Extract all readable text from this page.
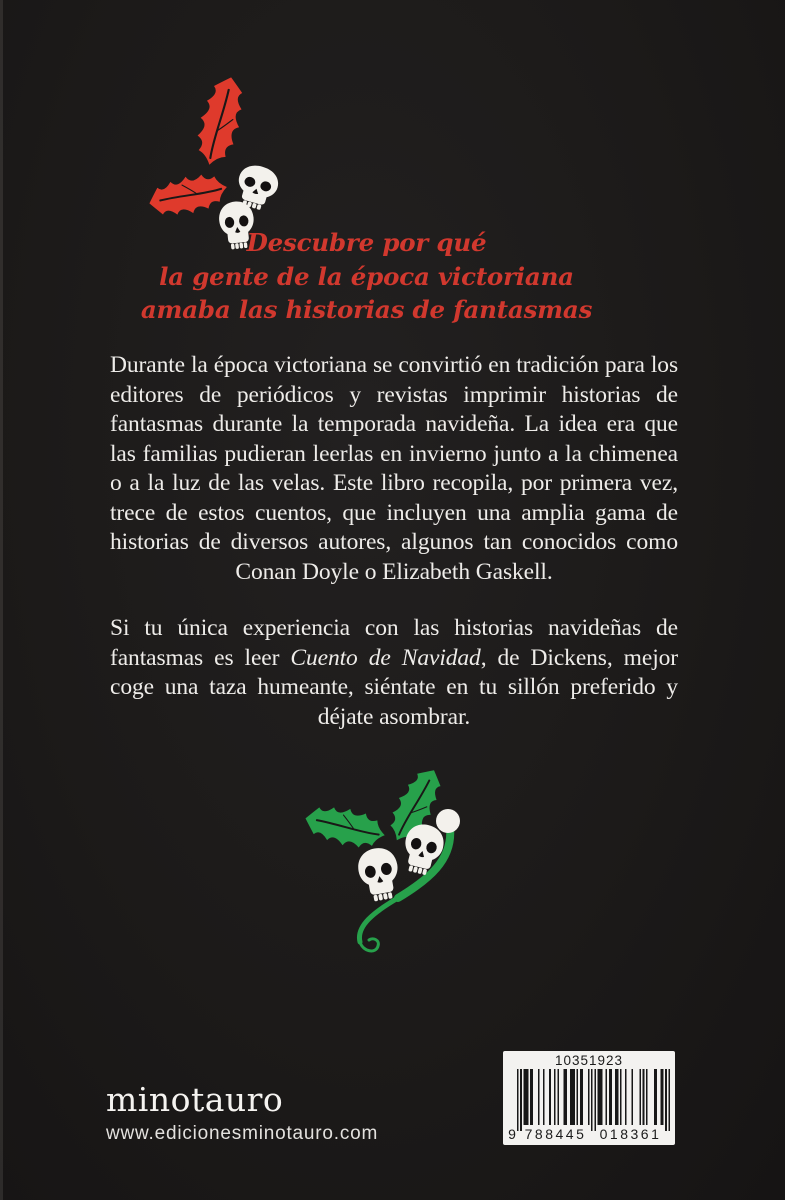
Descubre por qué
la gente de la época victoriana
amaba las historias de fantasmas

Durante la época victoriana se convirtió en tradición para los editores de periódicos y revistas imprimir historias de fantasmas durante la temporada navideña. La idea era que las familias pudieran leerlas en invierno junto a la chimenea o a la luz de las velas. Este libro recopila, por primera vez, trece de estos cuentos, que incluyen una amplia gama de historias de diversos autores, algunos tan conocidos como Conan Doyle o Elizabeth Gaskell.

Si tu única experiencia con las historias navideñas de fantasmas es leer Cuento de Navidad, de Dickens, mejor coge una taza humeante, siéntate en tu sillón preferido y déjate asombrar.

minotauro
www.edicionesminotauro.com
10351923
9 788445 018361
